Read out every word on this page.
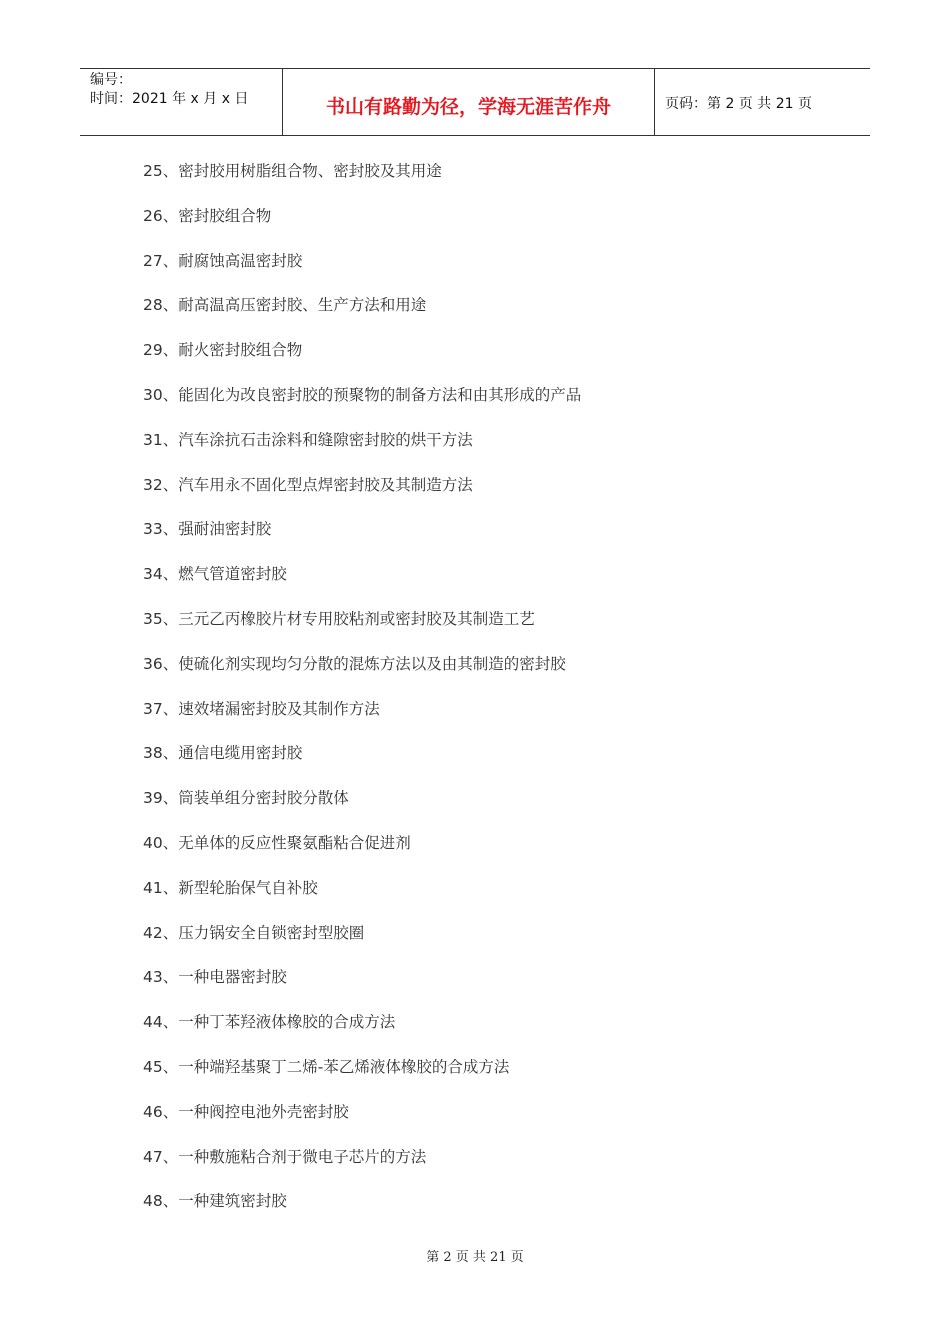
编号：
时间：2021 年 x 月 x 日	书山有路勤为径，学海无涯苦作舟	页码：第 2 页 共 21 页
25、密封胶用树脂组合物、密封胶及其用途
26、密封胶组合物
27、耐腐蚀高温密封胶
28、耐高温高压密封胶、生产方法和用途
29、耐火密封胶组合物
30、能固化为改良密封胶的预聚物的制备方法和由其形成的产品
31、汽车涂抗石击涂料和缝隙密封胶的烘干方法
32、汽车用永不固化型点焊密封胶及其制造方法
33、强耐油密封胶
34、燃气管道密封胶
35、三元乙丙橡胶片材专用胶粘剂或密封胶及其制造工艺
36、使硫化剂实现均匀分散的混炼方法以及由其制造的密封胶
37、速效堵漏密封胶及其制作方法
38、通信电缆用密封胶
39、筒装单组分密封胶分散体
40、无单体的反应性聚氨酯粘合促进剂
41、新型轮胎保气自补胶
42、压力锅安全自锁密封型胶圈
43、一种电器密封胶
44、一种丁苯羟液体橡胶的合成方法
45、一种端羟基聚丁二烯-苯乙烯液体橡胶的合成方法
46、一种阀控电池外壳密封胶
47、一种敷施粘合剂于微电子芯片的方法
48、一种建筑密封胶
第 2 页 共 21 页
